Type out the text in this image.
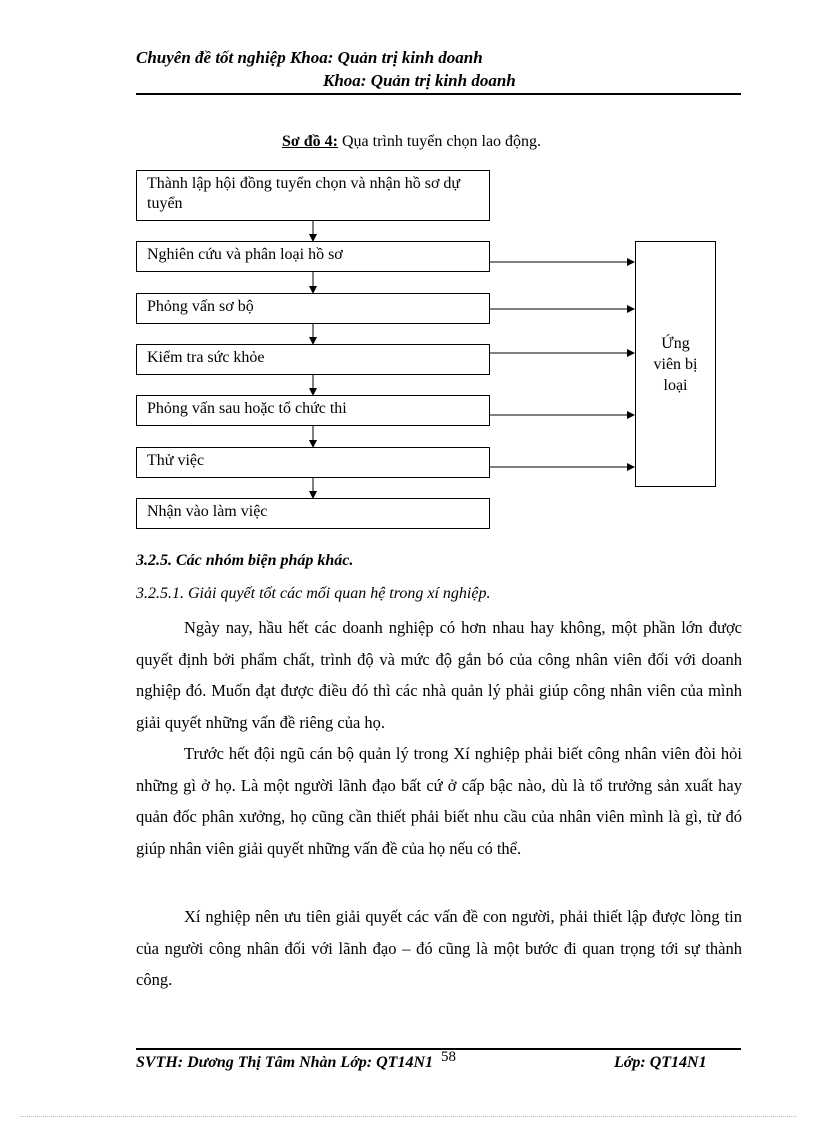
Chuyên đề tốt nghiệp Khoa: Quản trị kinh doanh
Khoa: Quản trị kinh doanh
Sơ đồ 4: Qụa trình tuyển chọn lao động.
Thành lập hội đồng tuyển chọn và nhận hồ sơ dự tuyển
Nghiên cứu và phân loại hồ sơ
Phỏng vấn sơ bộ
Kiểm tra sức khỏe
Phỏng vấn sau hoặc tổ chức thi
Thử việc
Nhận vào làm việc
Ứng
viên bị
loại
3.2.5. Các nhóm biện pháp khác.
3.2.5.1. Giải quyết tốt các mối quan hệ trong xí nghiệp.

Ngày nay, hầu hết các doanh nghiệp có hơn nhau hay không, một phần lớn được quyết định bởi phẩm chất, trình độ và mức độ gắn bó của công nhân viên đối với doanh nghiệp đó. Muốn đạt được điều đó thì các nhà quản lý phải giúp công nhân viên của mình giải quyết những vấn đề riêng của họ.

Trước hết đội ngũ cán bộ quản lý trong Xí nghiệp phải biết công nhân viên đòi hỏi những gì ở họ. Là một người lãnh đạo bất cứ ở cấp bậc nào, dù là tổ trưởng sản xuất hay quản đốc phân xưởng, họ cũng cần thiết phải biết nhu cầu của nhân viên mình là gì, từ đó giúp nhân viên giải quyết những vấn đề của họ nếu có thể.

Xí nghiệp nên ưu tiên giải quyết các vấn đề con người, phải thiết lập được lòng tin của người công nhân đối với lãnh đạo – đó cũng là một bước đi quan trọng tới sự thành công.

SVTH: Dương Thị Tâm Nhàn Lớp: QT14N1 58	Lớp: QT14N1
